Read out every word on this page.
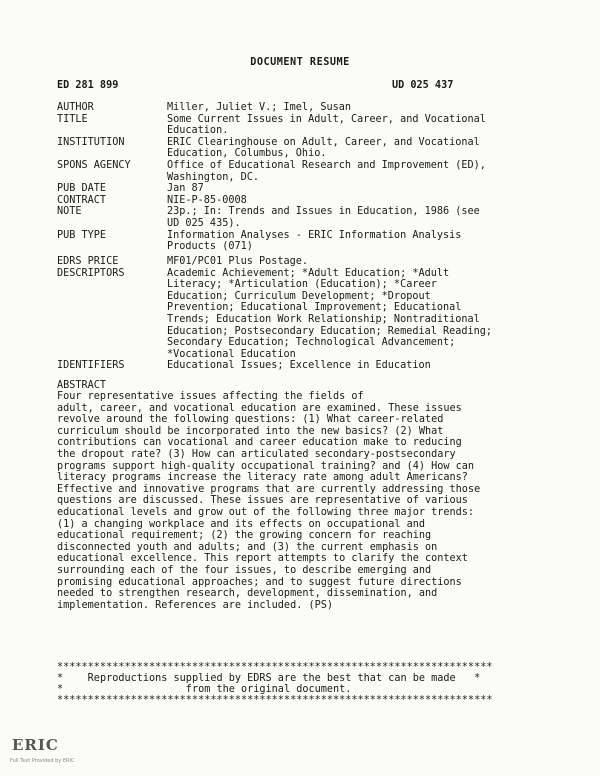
DOCUMENT RESUME
ED 281 899	UD 025 437
AUTHOR	Miller, Juliet V.; Imel, Susan
TITLE	Some Current Issues in Adult, Career, and Vocational
Education.
INSTITUTION	ERIC Clearinghouse on Adult, Career, and Vocational
Education, Columbus, Ohio.
SPONS AGENCY	Office of Educational Research and Improvement (ED),
Washington, DC.
PUB DATE	Jan 87
CONTRACT	NIE-P-85-0008
NOTE	23p.; In: Trends and Issues in Education, 1986 (see
UD 025 435).
PUB TYPE	Information Analyses - ERIC Information Analysis
Products (071)
EDRS PRICE	MF01/PC01 Plus Postage.
DESCRIPTORS	Academic Achievement; *Adult Education; *Adult
Literacy; *Articulation (Education); *Career
Education; Curriculum Development; *Dropout
Prevention; Educational Improvement; Educational
Trends; Education Work Relationship; Nontraditional
Education; Postsecondary Education; Remedial Reading;
Secondary Education; Technological Advancement;
*Vocational Education
IDENTIFIERS	Educational Issues; Excellence in Education
ABSTRACT
Four representative issues affecting the fields of
adult, career, and vocational education are examined. These issues
revolve around the following questions: (1) What career-related
curriculum should be incorporated into the new basics? (2) What
contributions can vocational and career education make to reducing
the dropout rate? (3) How can articulated secondary-postsecondary
programs support high-quality occupational training? and (4) How can
literacy programs increase the literacy rate among adult Americans?
Effective and innovative programs that are currently addressing those
questions are discussed. These issues are representative of various
educational levels and grow out of the following three major trends:
(1) a changing workplace and its effects on occupational and
educational requirement; (2) the growing concern for reaching
disconnected youth and adults; and (3) the current emphasis on
educational excellence. This report attempts to clarify the context
surrounding each of the four issues, to describe emerging and
promising educational approaches; and to suggest future directions
needed to strengthen research, development, dissemination, and
implementation. References are included. (PS)
***********************************************************************
*    Reproductions supplied by EDRS are the best that can be made *
*                    from the original document.
***********************************************************************
ERIC
Full Text Provided by ERIC
